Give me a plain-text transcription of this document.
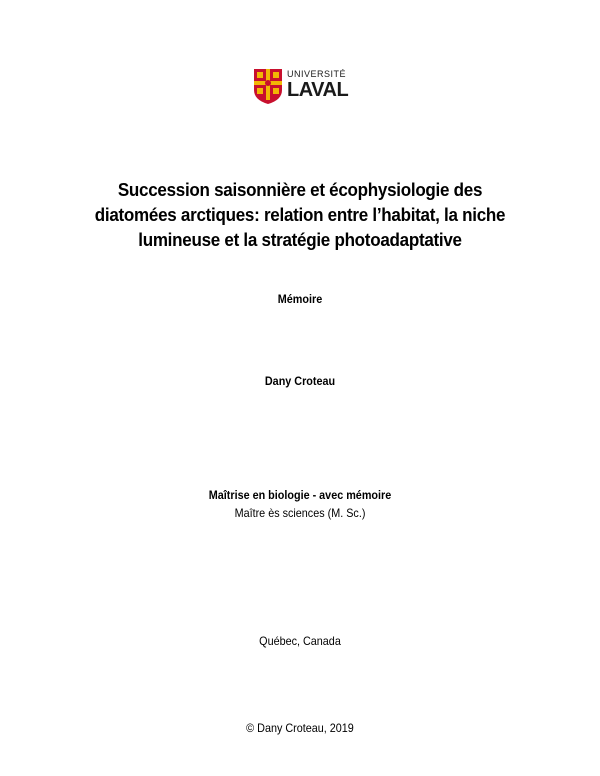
UNIVERSITÉ
LAVAL
Succession saisonnière et écophysiologie des
diatomées arctiques: relation entre l’habitat, la niche
lumineuse et la stratégie photoadaptative
Mémoire
Dany Croteau
Maîtrise en biologie - avec mémoire
Maître ès sciences (M. Sc.)
Québec, Canada
© Dany Croteau, 2019
